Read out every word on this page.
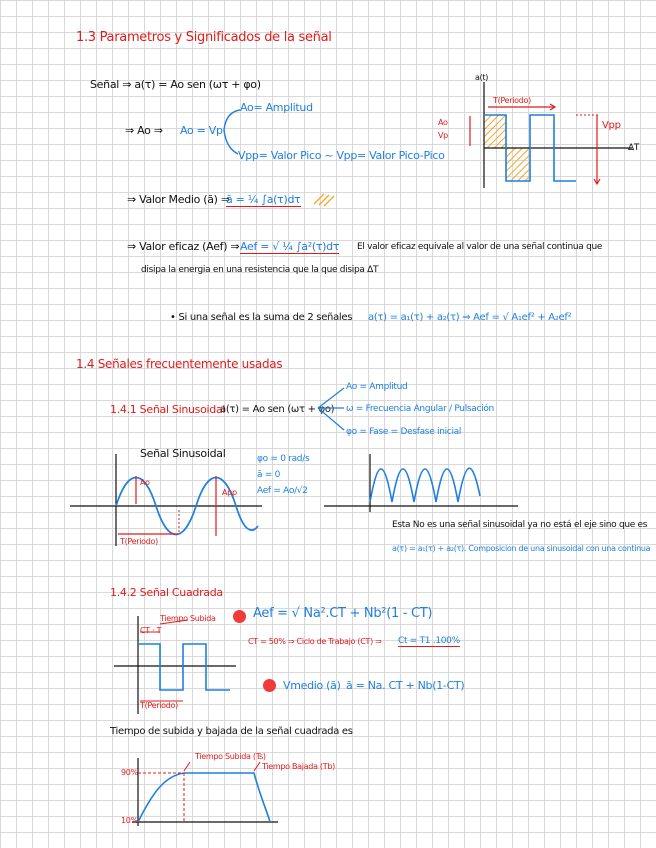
1.3 Parametros y Significados de la señal
Señal ⇒ a(τ) = Ao sen (ωτ + φo)
⇒ Ao ⇒ Ao = Vp
Ao= Amplitud
Vpp= Valor Pico ~ Vpp= Valor Pico-Pico
⇒ Valor Medio (ā) ⇒
ā = ¼ ∫a(τ)dτ
⇒ Valor eficaz (Aef) ⇒ Aef = √ ¼ ∫a²(τ)dτ El valor eficaz equivale al valor de una señal continua que
disipa la energia en una resistencia que la que disipa ΔT
• Si una señal es la suma de 2 señales a(τ) = a₁(τ) + a₂(τ) ⇒ Aef = √ A₁ef² + A₂ef²
a(t)
T(Periodo)
Ao
Vp
Vpp
ΔT
1.4 Señales frecuentemente usadas
1.4.1 Señal Sinusoidal
a(τ) = Ao sen (ωτ + φo)
Ao = Amplitud
ω = Frecuencia Angular / Pulsación
φo = Fase = Desfase inicial
Señal Sinusoidal
Ao
App
T(Periodo)
φo = 0 rad/s
ā = 0
Aef = Ao/√2
Esta No es una señal sinusoidal ya no está el eje sino que es
a(τ) = a₁(τ) + a₂(τ). Composicion de una sinusoidal con una continua
1.4.2 Señal Cuadrada
Tiempo Subida
CT · T
T(Periodo)
Aef = √ Na².CT + Nb²(1 - CT)
CT = 50% ⇒ Ciclo de Trabajo (CT) ⇒ Ct = T1 .100%
Vmedio (ā) ā = Na. CT + Nb(1-CT)
Tiempo de subida y bajada de la señal cuadrada es
90%
10%
Tiempo Subida (Ts)
Tiempo Bajada (Tb)
